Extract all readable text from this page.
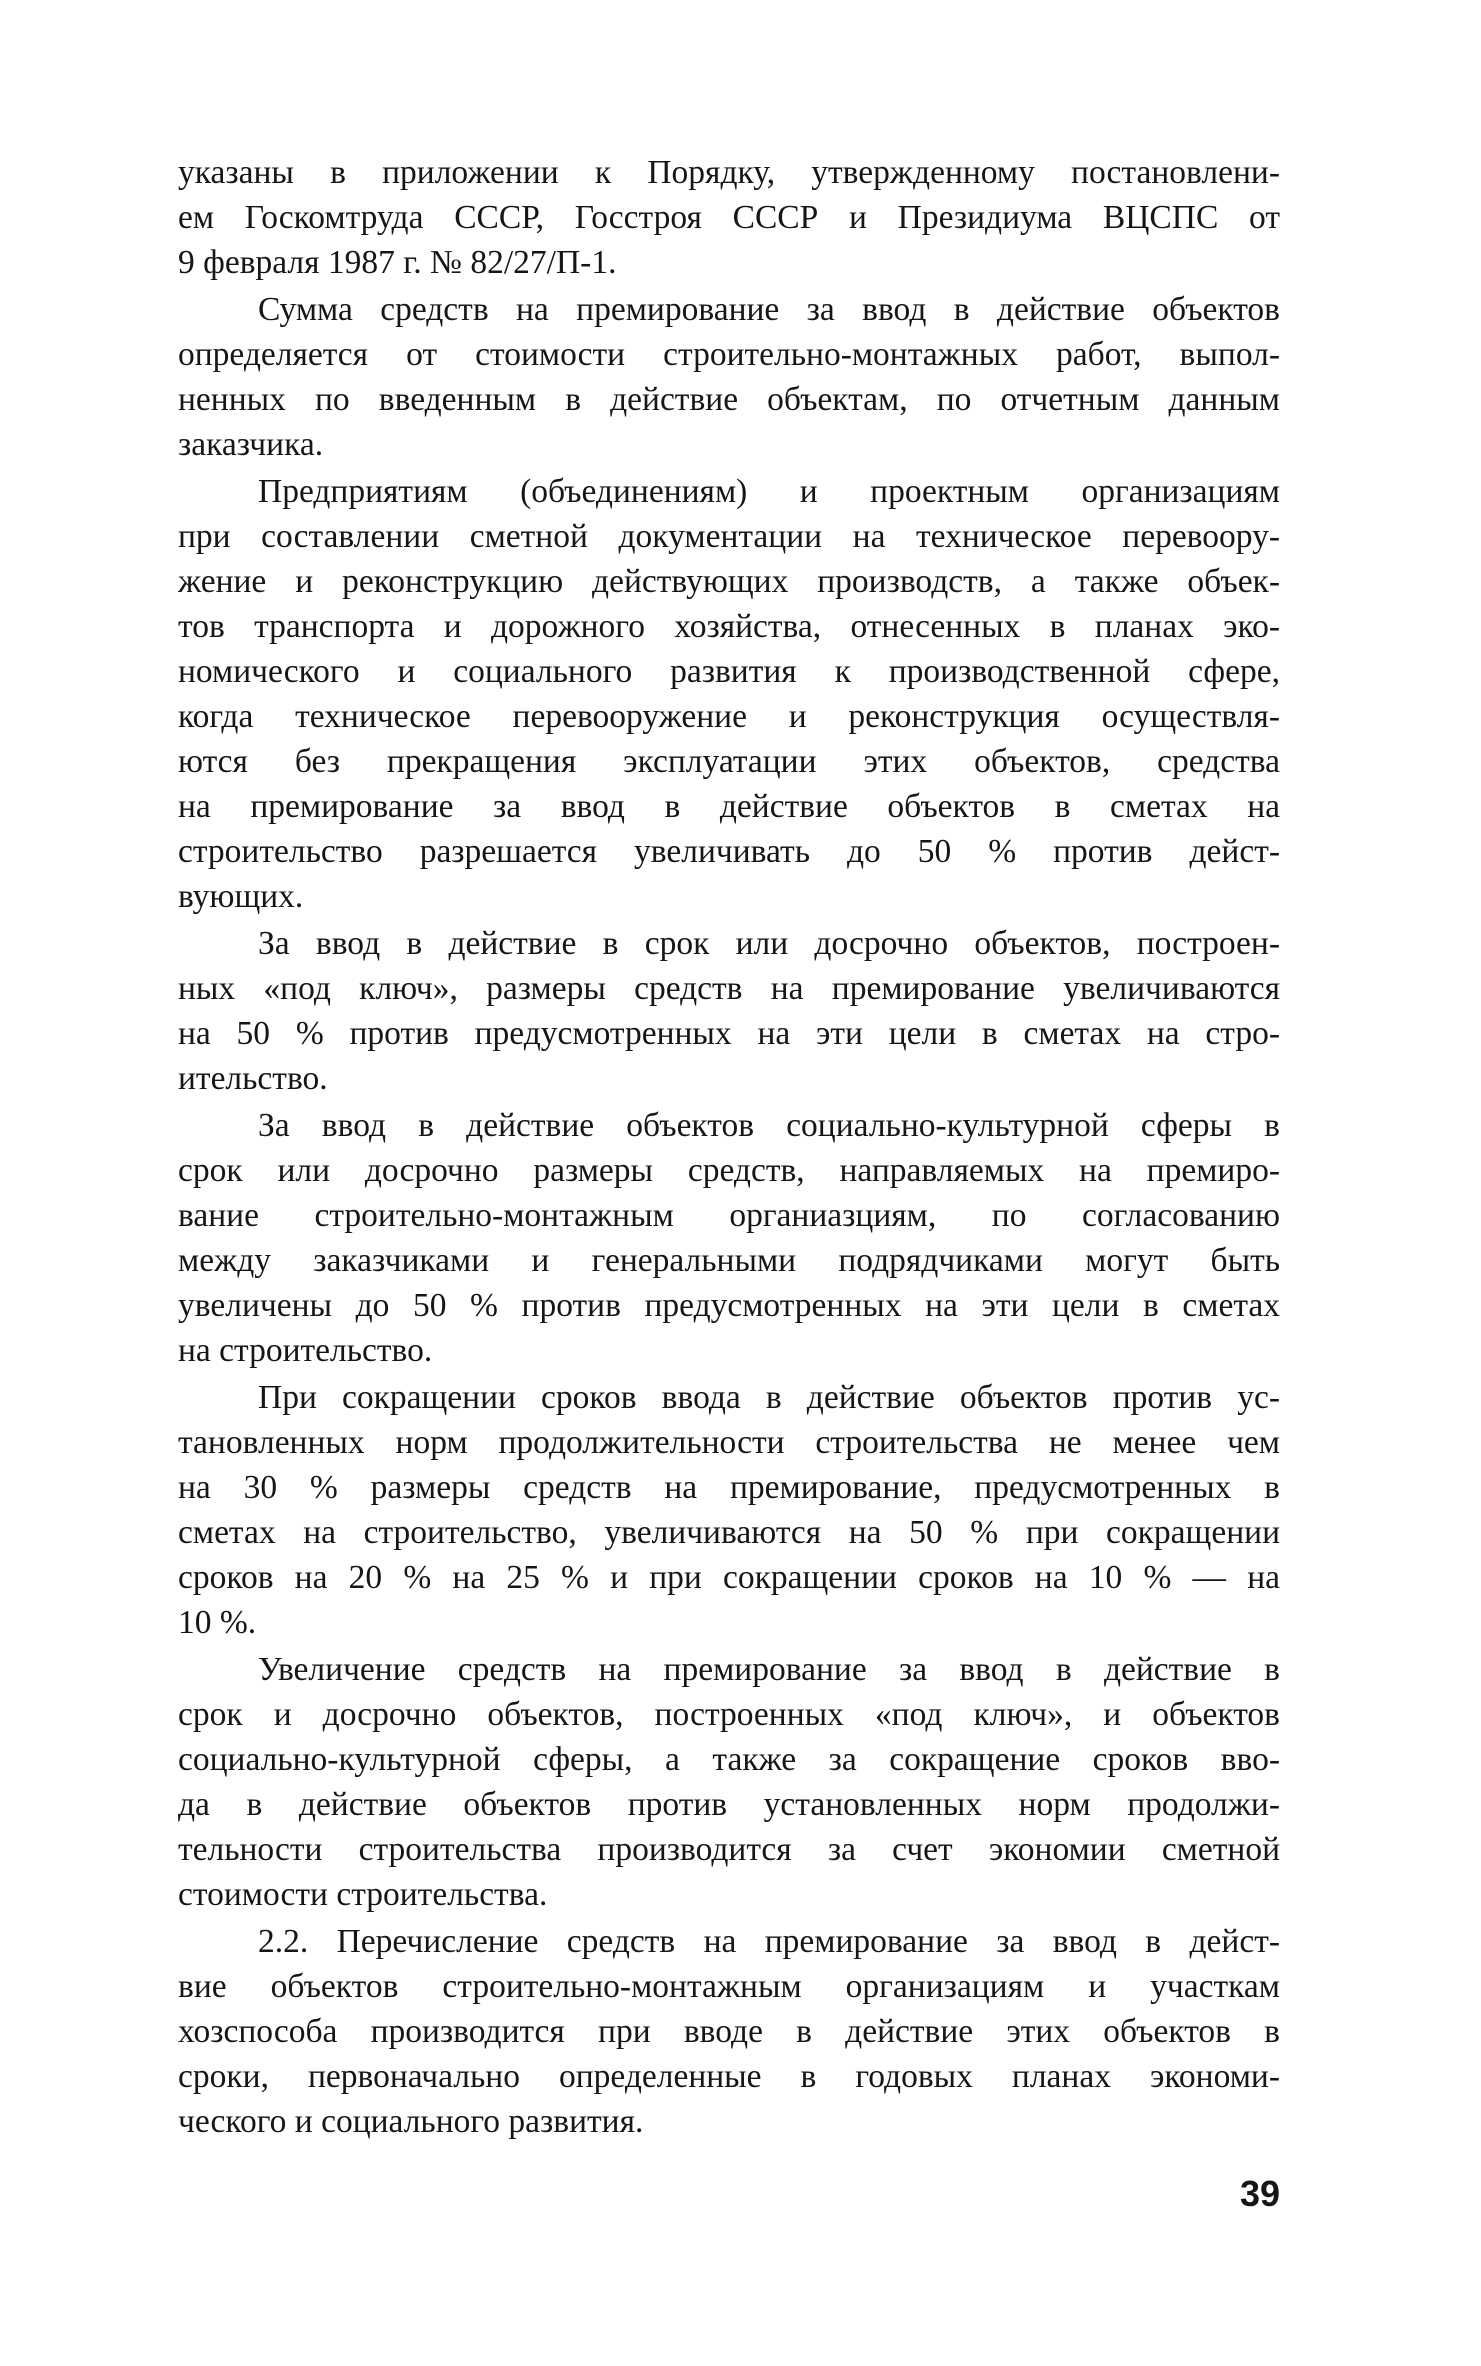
указаны в приложении к Порядку, утвержденному постановлени-
ем Госкомтруда СССР, Госстроя СССР и Президиума ВЦСПС от
9 февраля 1987 г. № 82/27/П-1.
Сумма средств на премирование за ввод в действие объектов
определяется от стоимости строительно-монтажных работ, выпол-
ненных по введенным в действие объектам, по отчетным данным
заказчика.
Предприятиям (объединениям) и проектным организациям
при составлении сметной документации на техническое перевоору-
жение и реконструкцию действующих производств, а также объек-
тов транспорта и дорожного хозяйства, отнесенных в планах эко-
номического и социального развития к производственной сфере,
когда техническое перевооружение и реконструкция осуществля-
ются без прекращения эксплуатации этих объектов, средства
на премирование за ввод в действие объектов в сметах на
строительство разрешается увеличивать до 50 % против дейст-
вующих.
За ввод в действие в срок или досрочно объектов, построен-
ных «под ключ», размеры средств на премирование увеличиваются
на 50 % против предусмотренных на эти цели в сметах на стро-
ительство.
За ввод в действие объектов социально-культурной сферы в
срок или досрочно размеры средств, направляемых на премиро-
вание строительно-монтажным органиазциям, по согласованию
между заказчиками и генеральными подрядчиками могут быть
увеличены до 50 % против предусмотренных на эти цели в сметах
на строительство.
При сокращении сроков ввода в действие объектов против ус-
тановленных норм продолжительности строительства не менее чем
на 30 % размеры средств на премирование, предусмотренных в
сметах на строительство, увеличиваются на 50 % при сокращении
сроков на 20 % на 25 % и при сокращении сроков на 10 % — на
10 %.
Увеличение средств на премирование за ввод в действие в
срок и досрочно объектов, построенных «под ключ», и объектов
социально-культурной сферы, а также за сокращение сроков вво-
да в действие объектов против установленных норм продолжи-
тельности строительства производится за счет экономии сметной
стоимости строительства.
2.2. Перечисление средств на премирование за ввод в дейст-
вие объектов строительно-монтажным организациям и участкам
хозспособа производится при вводе в действие этих объектов в
сроки, первоначально определенные в годовых планах экономи-
ческого и социального развития.
39
